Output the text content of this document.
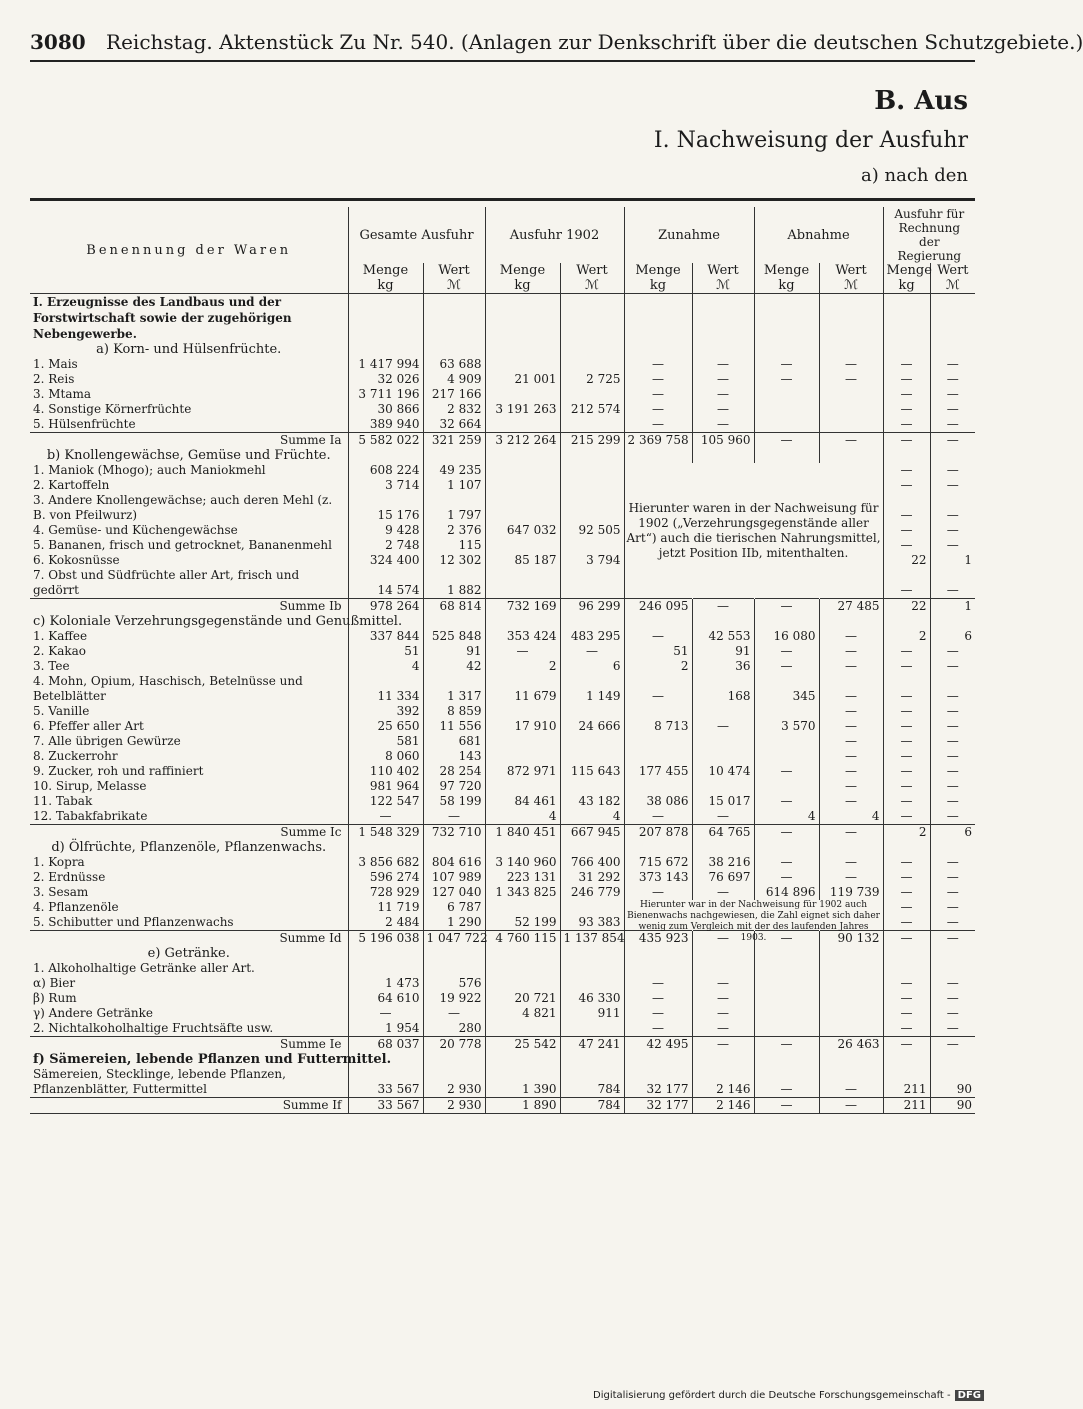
3080 Reichstag. Aktenstück Zu Nr. 540. (Anlagen zur Denkschrift über die deutschen Schutzgebiete.)
B. Aus
I. Nachweisung der Ausfuhr
a) nach den
Benennung der Waren	Gesamte Ausfuhr		Ausfuhr 1902		Zunahme		Abnahme		Ausfuhr für Rechnung der Regierung	
	Menge	Wert	Menge	Wert	Menge	Wert	Menge	Wert	Menge	Wert
	kg	ℳ	kg	ℳ	kg	ℳ	kg	ℳ	kg	ℳ
I. Erzeugnisse des Landbaus und der Forstwirtschaft sowie der zugehörigen Nebengewerbe.										
a) Korn- und Hülsenfrüchte.										
1. Mais	1 417 994	63 688			—	—	—	—	—	—
2. Reis	32 026	4 909	21 001	2 725	—	—	—	—	—	—
3. Mtama	3 711 196	217 166			—	—			—	—
4. Sonstige Körnerfrüchte	30 866	2 832	3 191 263	212 574	—	—			—	—
5. Hülsenfrüchte	389 940	32 664			—	—			—	—
Summe Ia	5 582 022	321 259	3 212 264	215 299	2 369 758	105 960	—	—	—	—
b) Knollengewächse, Gemüse und Früchte.										
1. Maniok (Mhogo); auch Maniokmehl	608 224	49 235							—	—
2. Kartoffeln	3 714	1 107							—	—
3. Andere Knollengewächse; auch deren Mehl (z. B. von Pfeilwurz)	15 176	1 797							—	—
4. Gemüse- und Küchengewächse	9 428	2 376	647 032	92 505					—	—
5. Bananen, frisch und getrocknet, Bananenmehl	2 748	115							—	—
6. Kokosnüsse	324 400	12 302	85 187	3 794					22	1
7. Obst und Südfrüchte aller Art, frisch und gedörrt	14 574	1 882							—	—
Summe Ib	978 264	68 814	732 169	96 299	246 095	—	—	27 485	22	1
c) Koloniale Verzehrungsgegenstände und Genußmittel.										
1. Kaffee	337 844	525 848	353 424	483 295	—	42 553	16 080	—	2	6
2. Kakao	51	91	—	—	51	91	—	—	—	—
3. Tee	4	42	2	6	2	36	—	—	—	—
4. Mohn, Opium, Haschisch, Betelnüsse und Betelblätter	11 334	1 317	11 679	1 149	—	168	345	—	—	—
5. Vanille	392	8 859						—	—	—
6. Pfeffer aller Art	25 650	11 556	17 910	24 666	8 713	—	3 570	—	—	—
7. Alle übrigen Gewürze	581	681						—	—	—
8. Zuckerrohr	8 060	143						—	—	—
9. Zucker, roh und raffiniert	110 402	28 254	872 971	115 643	177 455	10 474	—	—	—	—
10. Sirup, Melasse	981 964	97 720						—	—	—
11. Tabak	122 547	58 199	84 461	43 182	38 086	15 017	—	—	—	—
12. Tabakfabrikate	—	—	4	4	—	—	4	4	—	—
Summe Ic	1 548 329	732 710	1 840 451	667 945	207 878	64 765	—	—	2	6
d) Ölfrüchte, Pflanzenöle, Pflanzenwachs.										
1. Kopra	3 856 682	804 616	3 140 960	766 400	715 672	38 216	—	—	—	—
2. Erdnüsse	596 274	107 989	223 131	31 292	373 143	76 697	—	—	—	—
3. Sesam	728 929	127 040	1 343 825	246 779	—	—	614 896	119 739	—	—
4. Pflanzenöle	11 719	6 787							—	—
5. Schibutter und Pflanzenwachs	2 484	1 290	52 199	93 383					—	—
Summe Id	5 196 038	1 047 722	4 760 115	1 137 854	435 923	—	—	90 132	—	—
e) Getränke.										
1. Alkoholhaltige Getränke aller Art.										
α) Bier	1 473	576			—	—			—	—
β) Rum	64 610	19 922	20 721	46 330	—	—			—	—
γ) Andere Getränke	—	—	4 821	911	—	—			—	—
2. Nichtalkoholhaltige Fruchtsäfte usw.	1 954	280			—	—			—	—
Summe Ie	68 037	20 778	25 542	47 241	42 495	—	—	26 463	—	—
f) Sämereien, lebende Pflanzen und Futtermittel.										
Sämereien, Stecklinge, lebende Pflanzen, Pflanzenblätter, Futtermittel	33 567	2 930	1 390	784	32 177	2 146	—	—	211	90
Summe If	33 567	2 930	1 890	784	32 177	2 146	—	—	211	90
Hierunter waren in der Nachweisung für 1902 („Verzehrungsgegenstände aller Art“) auch die tierischen Nahrungsmittel, jetzt Position IIb, mitenthalten.
Hierunter war in der Nachweisung für 1902 auch Bienenwachs nachgewiesen, die Zahl eignet sich daher wenig zum Vergleich mit der des laufenden Jahres 1903.
Digitalisierung gefördert durch die Deutsche Forschungsgemeinschaft - DFG
